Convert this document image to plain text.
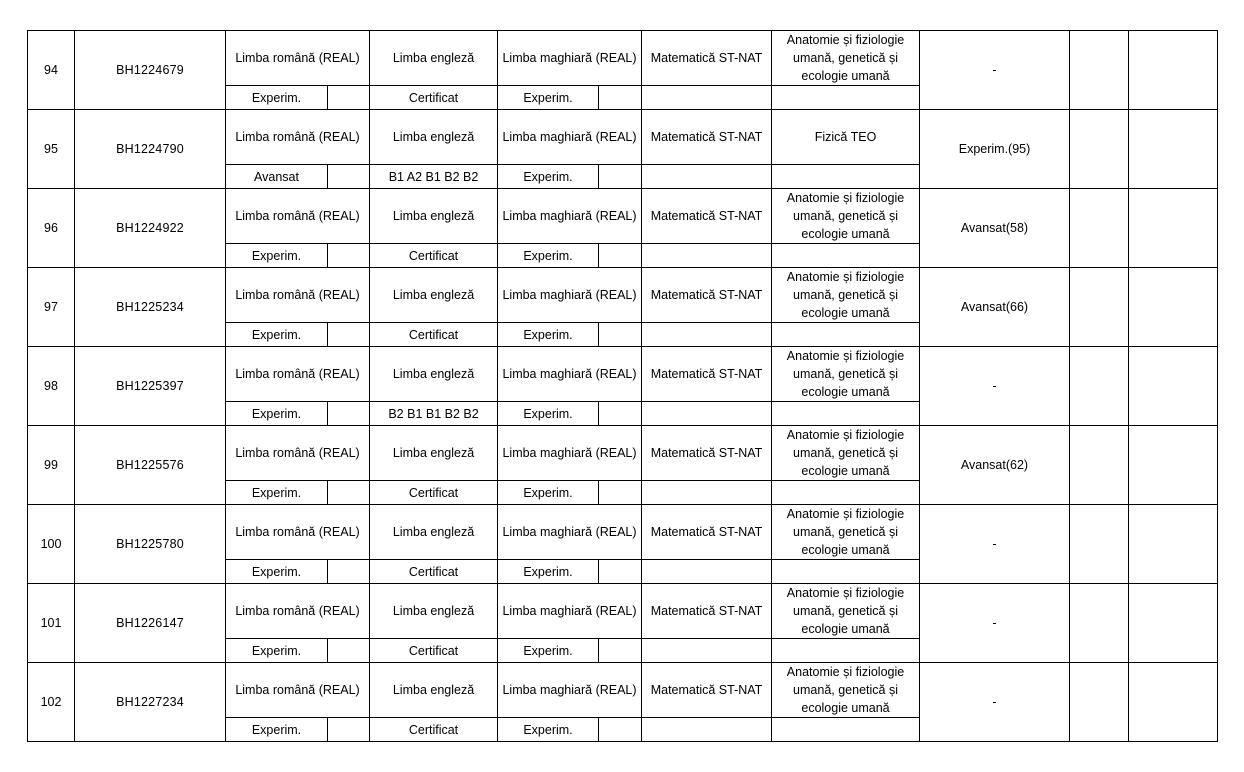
94	BH1224679	Limba română (REAL)		Limba engleză	Limba maghiară (REAL)		Matematică ST-NAT	Anatomie și fiziologie umană, genetică și ecologie umană	-		
		Experim.		Certificat	Experim.						
95	BH1224790	Limba română (REAL)		Limba engleză	Limba maghiară (REAL)		Matematică ST-NAT	Fizică TEO	Experim.(95)		
		Avansat		B1 A2 B1 B2 B2	Experim.						
96	BH1224922	Limba română (REAL)		Limba engleză	Limba maghiară (REAL)		Matematică ST-NAT	Anatomie și fiziologie umană, genetică și ecologie umană	Avansat(58)		
		Experim.		Certificat	Experim.						
97	BH1225234	Limba română (REAL)		Limba engleză	Limba maghiară (REAL)		Matematică ST-NAT	Anatomie și fiziologie umană, genetică și ecologie umană	Avansat(66)		
		Experim.		Certificat	Experim.						
98	BH1225397	Limba română (REAL)		Limba engleză	Limba maghiară (REAL)		Matematică ST-NAT	Anatomie și fiziologie umană, genetică și ecologie umană	-		
		Experim.		B2 B1 B1 B2 B2	Experim.						
99	BH1225576	Limba română (REAL)		Limba engleză	Limba maghiară (REAL)		Matematică ST-NAT	Anatomie și fiziologie umană, genetică și ecologie umană	Avansat(62)		
		Experim.		Certificat	Experim.						
100	BH1225780	Limba română (REAL)		Limba engleză	Limba maghiară (REAL)		Matematică ST-NAT	Anatomie și fiziologie umană, genetică și ecologie umană	-		
		Experim.		Certificat	Experim.						
101	BH1226147	Limba română (REAL)		Limba engleză	Limba maghiară (REAL)		Matematică ST-NAT	Anatomie și fiziologie umană, genetică și ecologie umană	-		
		Experim.		Certificat	Experim.						
102	BH1227234	Limba română (REAL)		Limba engleză	Limba maghiară (REAL)		Matematică ST-NAT	Anatomie și fiziologie umană, genetică și ecologie umană	-		
		Experim.		Certificat	Experim.						
